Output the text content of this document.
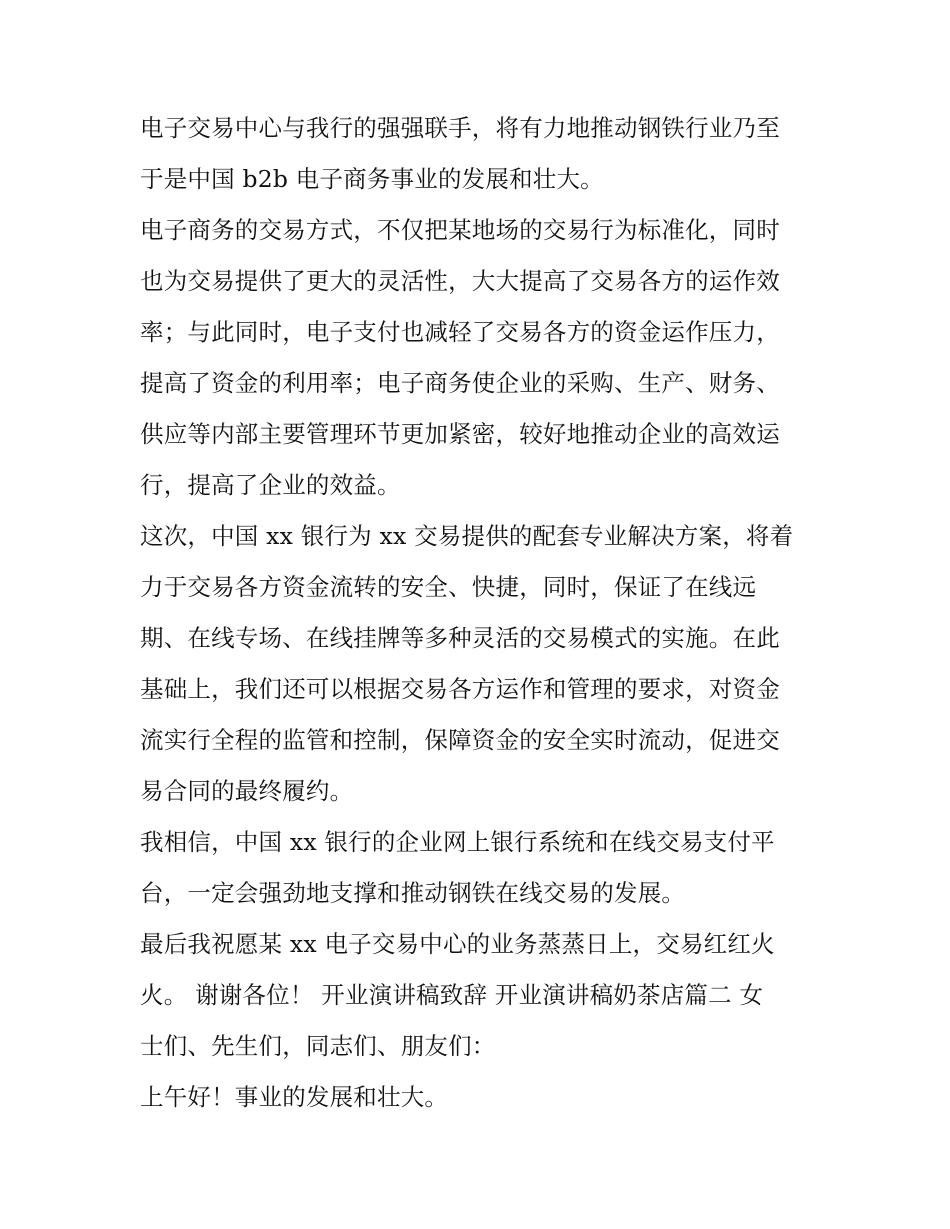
电子交易中心与我行的强强联手，将有力地推动钢铁行业乃至
于是中国 b2b 电子商务事业的发展和壮大。

电子商务的交易方式，不仅把某地场的交易行为标准化，同时
也为交易提供了更大的灵活性，大大提高了交易各方的运作效
率；与此同时，电子支付也减轻了交易各方的资金运作压力，
提高了资金的利用率；电子商务使企业的采购、生产、财务、
供应等内部主要管理环节更加紧密，较好地推动企业的高效运
行，提高了企业的效益。

这次，中国 xx 银行为 xx 交易提供的配套专业解决方案，将着
力于交易各方资金流转的安全、快捷，同时，保证了在线远
期、在线专场、在线挂牌等多种灵活的交易模式的实施。在此
基础上，我们还可以根据交易各方运作和管理的要求，对资金
流实行全程的监管和控制，保障资金的安全实时流动，促进交
易合同的最终履约。

我相信，中国 xx 银行的企业网上银行系统和在线交易支付平
台，一定会强劲地支撑和推动钢铁在线交易的发展。

最后我祝愿某 xx 电子交易中心的业务蒸蒸日上，交易红红火
火。 谢谢各位！ 开业演讲稿致辞 开业演讲稿奶茶店篇二 女
士们、先生们，同志们、朋友们：

上午好！事业的发展和壮大。
